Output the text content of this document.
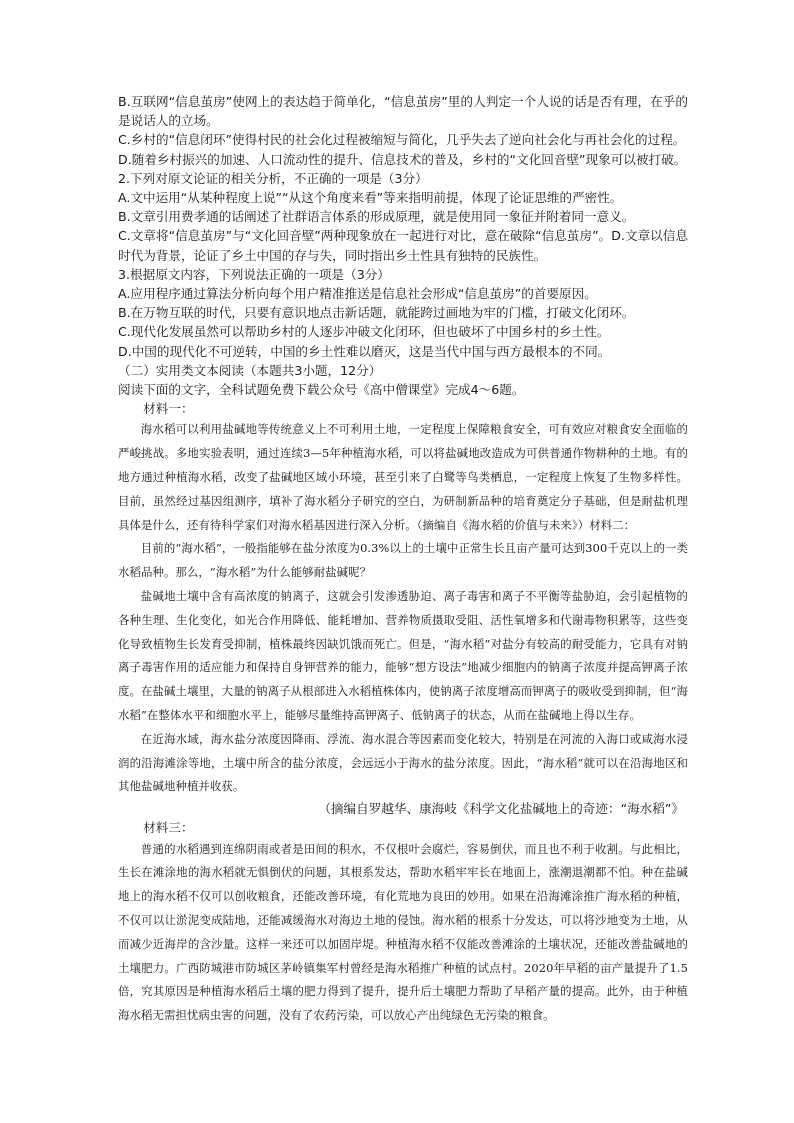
B.互联网“信息茧房”使网上的表达趋于简单化，“信息茧房”里的人判定一个人说的话是否有理，在乎的是说话人的立场。
C.乡村的“信息闭环”使得村民的社会化过程被缩短与简化，几乎失去了逆向社会化与再社会化的过程。
D.随着乡村振兴的加速、人口流动性的提升、信息技术的普及，乡村的“文化回音壁”现象可以被打破。
2.下列对原文论证的相关分析，不正确的一项是（3分）
A.文中运用“从某种程度上说”“从这个角度来看”等来指明前提，体现了论证思维的严密性。
B.文章引用费孝通的话阐述了社群语言体系的形成原理，就是使用同一象征并附着同一意义。
C.文章将“信息茧房”与“文化回音壁”两种现象放在一起进行对比，意在破除“信息茧房”。D.文章以信息时代为背景，论证了乡土中国的存与失，同时指出乡土性具有独特的民族性。
3.根据原文内容，下列说法正确的一项是（3分）
A.应用程序通过算法分析向每个用户精准推送是信息社会形成“信息茧房”的首要原因。
B.在万物互联的时代，只要有意识地点击新话题，就能跨过画地为牢的门槛，打破文化闭环。
C.现代化发展虽然可以帮助乡村的人逐步冲破文化闭环，但也破坏了中国乡村的乡土性。
D.中国的现代化不可逆转，中国的乡土性难以磨灭，这是当代中国与西方最根本的不同。
（二）实用类文本阅读（本题共3小题，12分）
阅读下面的文字，全科试题免费下载公众号《高中僧课堂》完成4～6题。
材料一：
海水稻可以利用盐碱地等传统意义上不可利用土地，一定程度上保障粮食安全，可有效应对粮食安全面临的严峻挑战。多地实验表明，通过连续3—5年种植海水稻，可以将盐碱地改造成为可供普通作物耕种的土地。有的地方通过种植海水稻，改变了盐碱地区域小环境，甚至引来了白鹭等鸟类栖息，一定程度上恢复了生物多样性。目前，虽然经过基因组测序，填补了海水稻分子研究的空白，为研制新品种的培育奠定分子基础，但是耐盐机理具体是什么，还有待科学家们对海水稻基因进行深入分析。（摘编自《海水稻的价值与未来》）材料二：
目前的“海水稻”，一般指能够在盐分浓度为0.3%以上的土壤中正常生长且亩产量可达到300千克以上的一类水稻品种。那么，“海水稻”为什么能够耐盐碱呢？
盐碱地土壤中含有高浓度的钠离子，这就会引发渗透胁迫、离子毒害和离子不平衡等盐胁迫，会引起植物的各种生理、生化变化，如光合作用降低、能耗增加、营养物质摄取受阻、活性氧增多和代谢毒物积累等，这些变化导致植物生长发育受抑制，植株最终因缺饥饿而死亡。但是，“海水稻”对盐分有较高的耐受能力，它具有对钠离子毒害作用的适应能力和保持自身钾营养的能力，能够“想方设法”地减少细胞内的钠离子浓度并提高钾离子浓度。在盐碱土壤里，大量的钠离子从根部进入水稻植株体内，使钠离子浓度增高而钾离子的吸收受到抑制，但“海水稻”在整体水平和细胞水平上，能够尽量维持高钾离子、低钠离子的状态，从而在盐碱地上得以生存。
在近海水域，海水盐分浓度因降雨、浮流、海水混合等因素而变化较大，特别是在河流的入海口或咸海水浸润的沿海滩涂等地，土壤中所含的盐分浓度，会远远小于海水的盐分浓度。因此，“海水稻”就可以在沿海地区和其他盐碱地种植并收获。
（摘编自罗越华、康海岐《科学文化盐碱地上的奇迹：“海水稻”》
材料三：
普通的水稻遇到连绵阴雨或者是田间的积水，不仅根叶会腐烂，容易倒伏，而且也不利于收割。与此相比，生长在滩涂地的海水稻就无惧倒伏的问题，其根系发达，帮助水稻牢牢长在地面上，涨潮退潮都不怕。种在盐碱地上的海水稻不仅可以创收粮食，还能改善环境，有化荒地为良田的妙用。如果在沿海滩涂推广海水稻的种植，不仅可以让淤泥变成陆地，还能减缓海水对海边土地的侵蚀。海水稻的根系十分发达，可以将沙地变为土地，从而减少近海岸的含沙量。这样一来还可以加固岸堤。种植海水稻不仅能改善滩涂的土壤状况，还能改善盐碱地的土壤肥力。广西防城港市防城区茅岭镇集军村曾经是海水稻推广种植的试点村。2020年早稻的亩产量提升了1.5倍，究其原因是种植海水稻后土壤的肥力得到了提升，提升后土壤肥力帮助了早稻产量的提高。此外，由于种植海水稻无需担忧病虫害的问题，没有了农药污染，可以放心产出纯绿色无污染的粮食。
